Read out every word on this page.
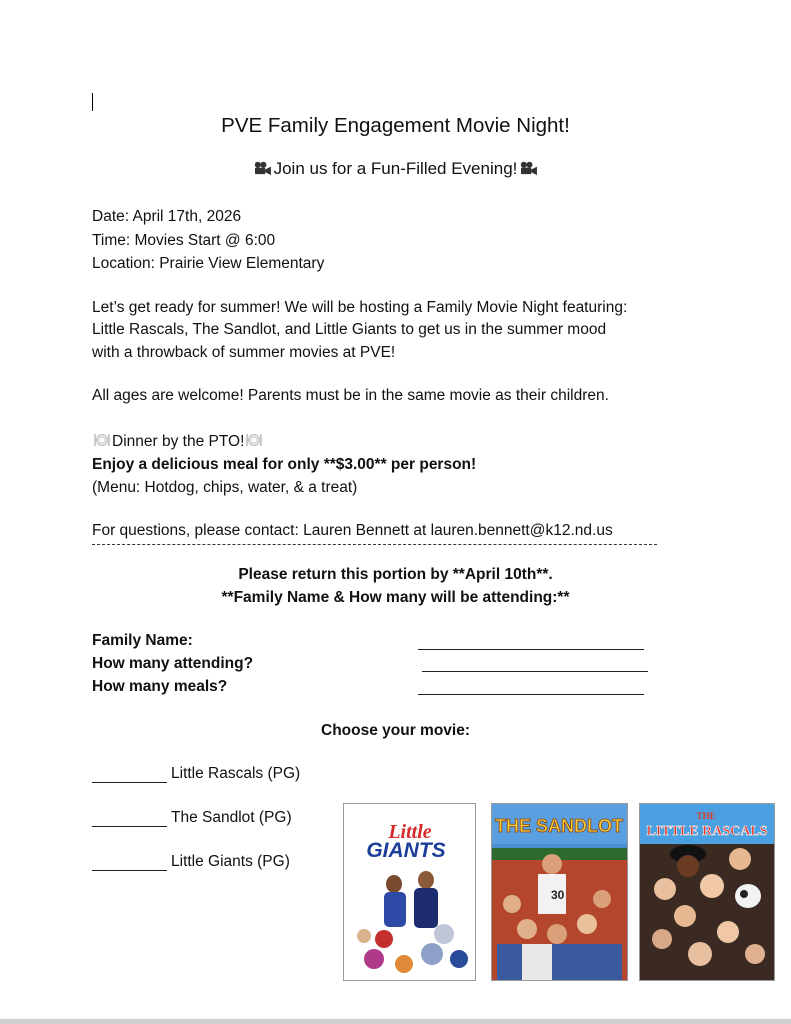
PVE Family Engagement Movie Night!
Join us for a Fun-Filled Evening!
Date: April 17th, 2026
Time: Movies Start @ 6:00
Location: Prairie View Elementary
Let’s get ready for summer! We will be hosting a Family Movie Night featuring:
Little Rascals, The Sandlot, and Little Giants to get us in the summer mood
with a throwback of summer movies at PVE!
All ages are welcome! Parents must be in the same movie as their children.
Dinner by the PTO!
Enjoy a delicious meal for only **$3.00** per person!
(Menu: Hotdog, chips, water, & a treat)
For questions, please contact: Lauren Bennett at lauren.bennett@k12.nd.us
Please return this portion by **April 10th**.
**Family Name & How many will be attending:**
Family Name:
How many attending?
How many meals?
Choose your movie:
Little Rascals (PG)
The Sandlot (PG)
Little Giants (PG)
Little
GIANTS
THE SANDLOT
30
THE
LITTLE RASCALS
